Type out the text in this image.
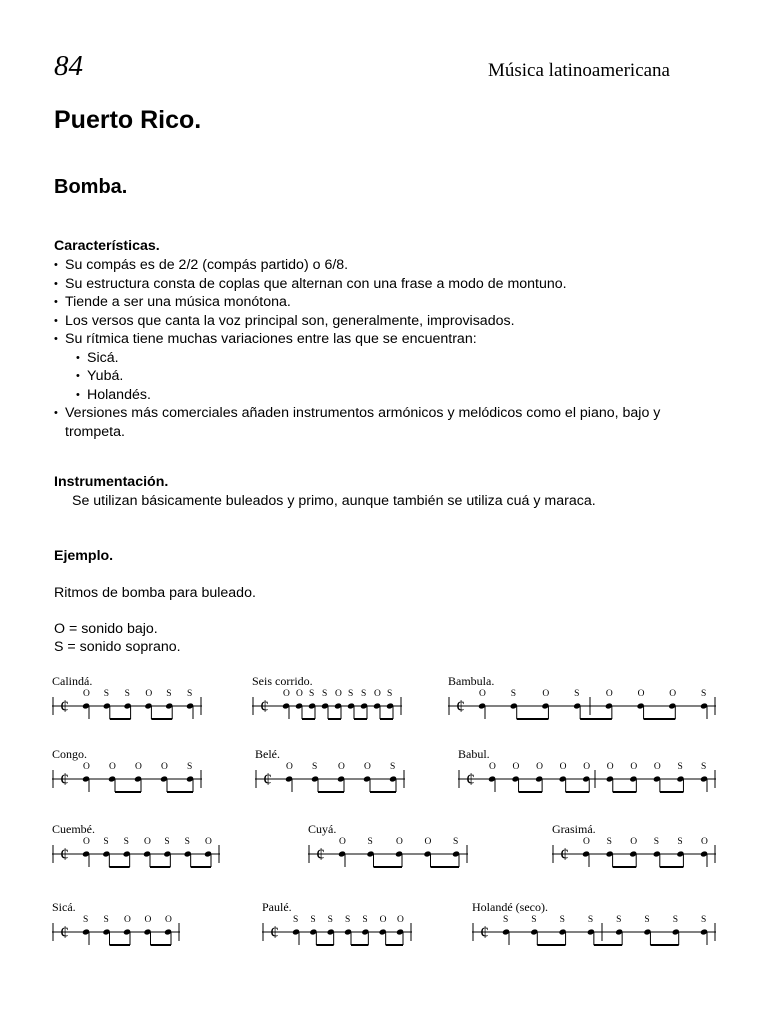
84	Música latinoamericana
Puerto Rico.
Bomba.
Características.
• Su compás es de 2/2 (compás partido) o 6/8.
• Su estructura consta de coplas que alternan con una frase a modo de montuno.
• Tiende a ser una música monótona.
• Los versos que canta la voz principal son, generalmente, improvisados.
• Su rítmica tiene muchas variaciones entre las que se encuentran:
• Sicá.
• Yubá.
• Holandés.
• Versiones más comerciales añaden instrumentos armónicos y melódicos como el piano, bajo y trompeta.
Instrumentación.
Se utilizan básicamente buleados y primo, aunque también se utiliza cuá y maraca.
Ejemplo.
Ritmos de bomba para buleado.
O = sonido bajo.
S = sonido soprano.
Calindá.
¢
O S S O S S
Seis corrido.
¢
O O S S O S S O S
Bambula.
¢
O	S	O	S	O	O	O	S
Congo.
¢
O O O O S
Belé.
¢
O S O O S
Babul.
¢
O O O O O O O O S S
Cuembé.
¢
O S S O S S O
Cuyá.
¢
O S O O S
Grasimá.
¢
O S O S S O
Sicá.
¢
S S O O O
Paulé.
¢
S S S S S O O
Holandé (seco).
¢
S S S S S S S S
